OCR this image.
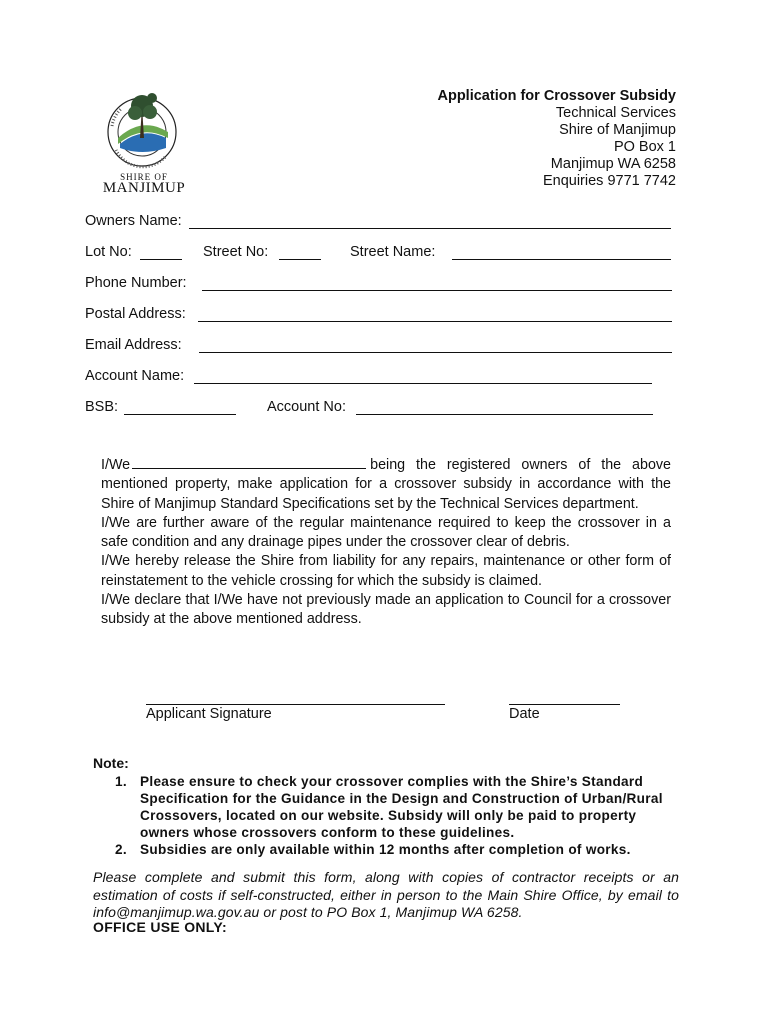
SHIRE OF
MANJIMUP
Application for Crossover Subsidy
Technical Services
Shire of Manjimup
PO Box 1
Manjimup WA 6258
Enquiries 9771 7742
Owners Name:
Lot No:	Street No:	Street Name:
Phone Number:
Postal Address:
Email Address:
Account Name:
BSB:	Account No:

I/We	being the registered owners of the above mentioned property, make application for a crossover subsidy in accordance with the Shire of Manjimup Standard Specifications set by the Technical Services department.

I/We are further aware of the regular maintenance required to keep the crossover in a safe condition and any drainage pipes under the crossover clear of debris.

I/We hereby release the Shire from liability for any repairs, maintenance or other form of reinstatement to the vehicle crossing for which the subsidy is claimed.

I/We declare that I/We have not previously made an application to Council for a crossover subsidy at the above mentioned address.

Applicant Signature	Date
Note:
1. Please ensure to check your crossover complies with the Shire’s Standard Specification for the Guidance in the Design and Construction of Urban/Rural Crossovers, located on our website. Subsidy will only be paid to property owners whose crossovers conform to these guidelines.
2. Subsidies are only available within 12 months after completion of works.
Please complete and submit this form, along with copies of contractor receipts or an estimation of costs if self-constructed, either in person to the Main Shire Office, by email to info@manjimup.wa.gov.au or post to PO Box 1, Manjimup WA 6258.
OFFICE USE ONLY:
